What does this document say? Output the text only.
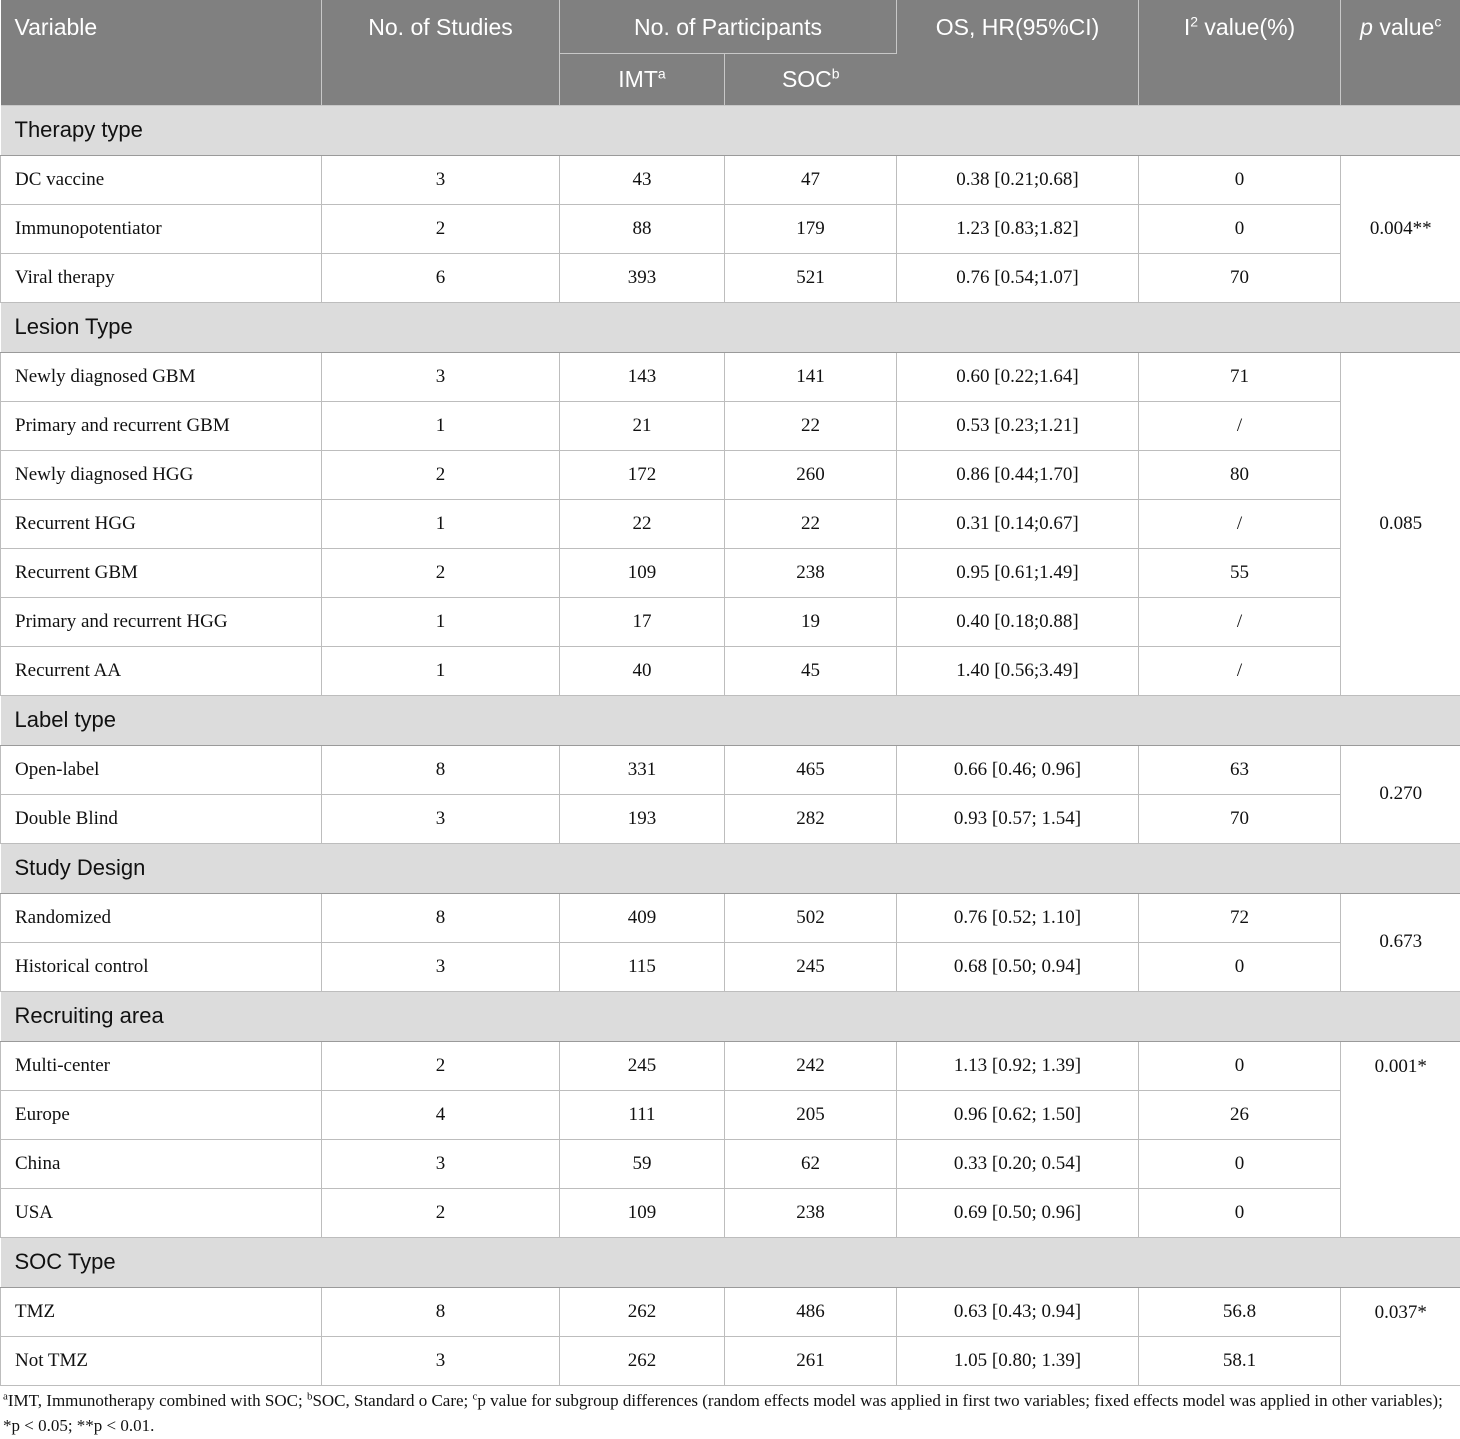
Variable	No. of Studies	No. of Participants		OS, HR(95%CI)	$I^2$ value(%)	p value$^c$
		IMT$^a$	SOC$^b$
Therapy type						
DC vaccine	3	43	47	0.38 [0.21;0.68]	0	0.004**
Immunopotentiator	2	88	179	1.23 [0.83;1.82]	0	
Viral therapy	6	393	521	0.76 [0.54;1.07]	70	
Lesion Type						
Newly diagnosed GBM	3	143	141	0.60 [0.22;1.64]	71	0.085
Primary and recurrent GBM	1	21	22	0.53 [0.23;1.21]	/	
Newly diagnosed HGG	2	172	260	0.86 [0.44;1.70]	80	
Recurrent HGG	1	22	22	0.31 [0.14;0.67]	/	
Recurrent GBM	2	109	238	0.95 [0.61;1.49]	55	
Primary and recurrent HGG	1	17	19	0.40 [0.18;0.88]	/	
Recurrent AA	1	40	45	1.40 [0.56;3.49]	/	
Label type						
Open-label	8	331	465	0.66 [0.46; 0.96]	63	0.270
Double Blind	3	193	282	0.93 [0.57; 1.54]	70	
Study Design						
Randomized	8	409	502	0.76 [0.52; 1.10]	72	0.673
Historical control	3	115	245	0.68 [0.50; 0.94]	0	
Recruiting area						
Multi-center	2	245	242	1.13 [0.92; 1.39]	0	0.001*
Europe	4	111	205	0.96 [0.62; 1.50]	26	
China	3	59	62	0.33 [0.20; 0.54]	0	
USA	2	109	238	0.69 [0.50; 0.96]	0	
SOC Type						
TMZ	8	262	486	0.63 [0.43; 0.94]	56.8	0.037*
Not TMZ	3	262	261	1.05 [0.80; 1.39]	58.1	
$^a$IMT, Immunotherapy combined with SOC; $^b$SOC, Standard o Care; $^c$p value for subgroup differences (random effects model was applied in first two variables; fixed effects model was applied in other variables); *p < 0.05; **p < 0.01.
